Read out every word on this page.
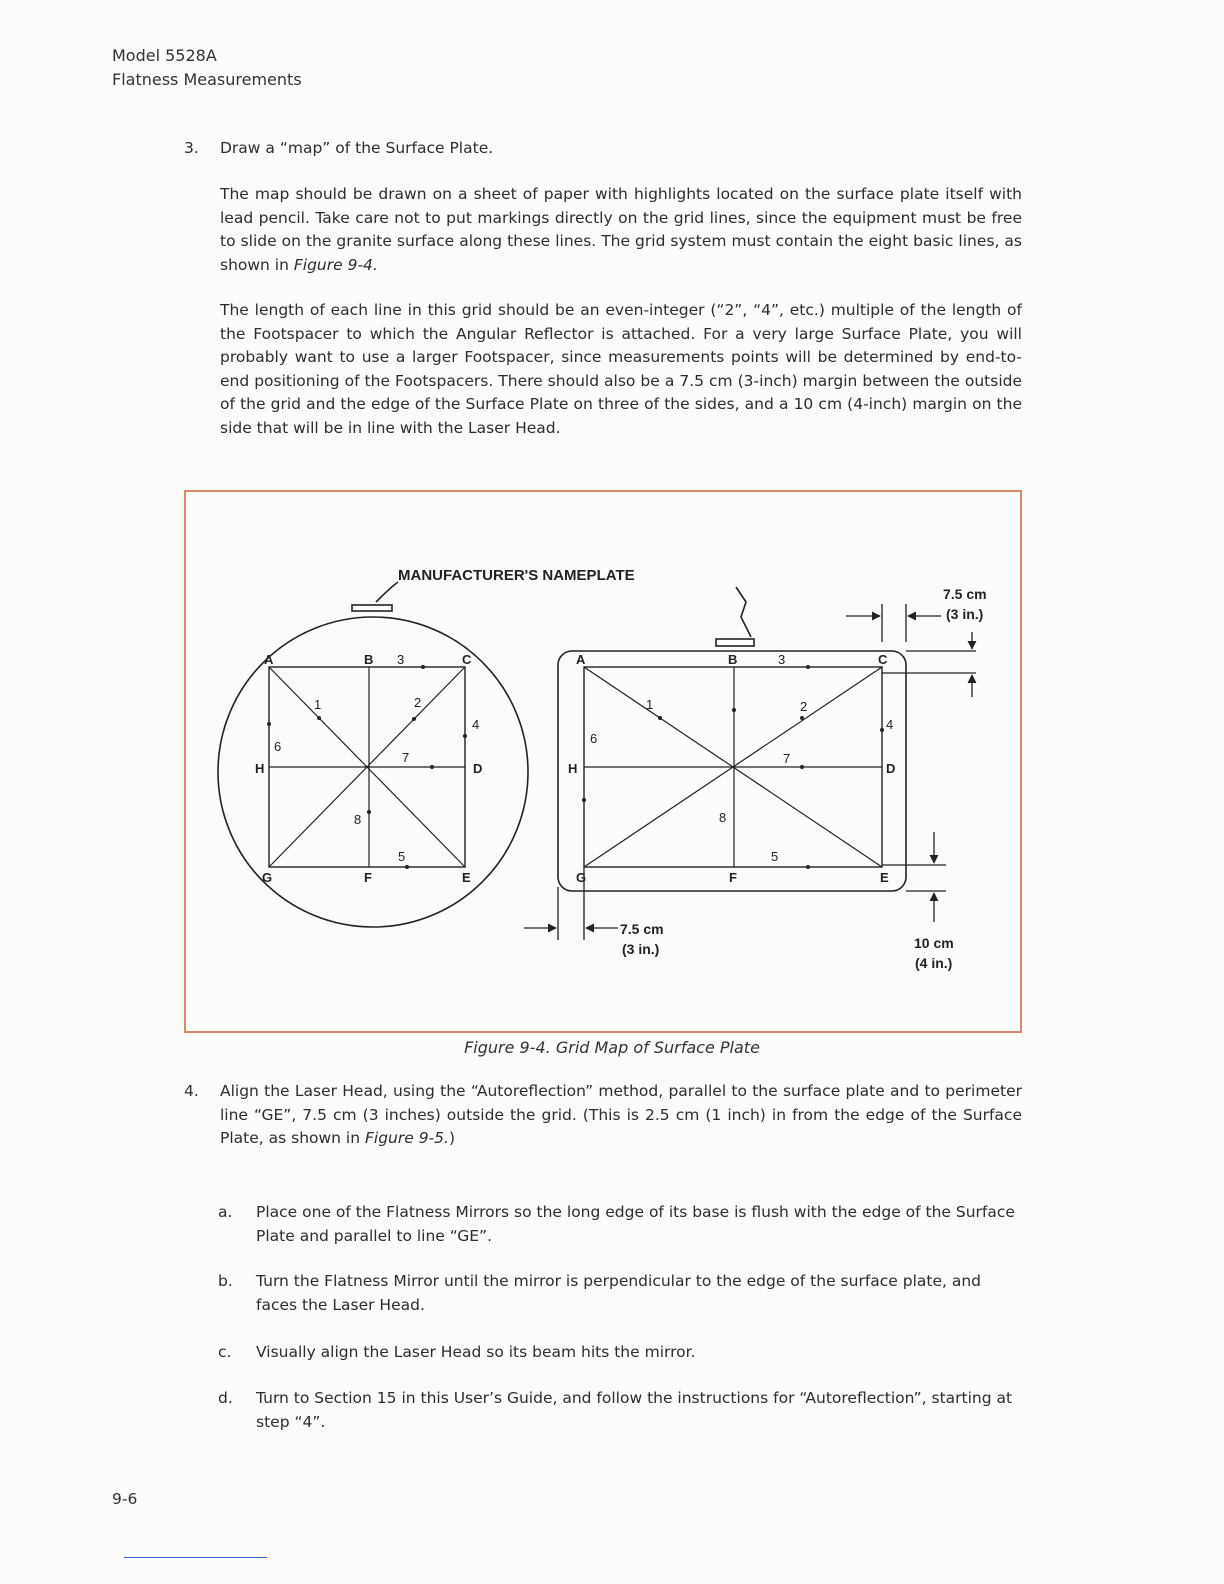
Model 5528A
Flatness Measurements
3. Draw a “map” of the Surface Plate.
The map should be drawn on a sheet of paper with highlights located on the surface plate itself with lead pencil. Take care not to put markings directly on the grid lines, since the equipment must be free to slide on the granite surface along these lines. The grid system must contain the eight basic lines, as shown in Figure 9-4.
The length of each line in this grid should be an even-integer (“2”, “4”, etc.) multiple of the length of the Footspacer to which the Angular Reflector is attached. For a very large Surface Plate, you will probably want to use a larger Footspacer, since measurements points will be determined by end-to-end positioning of the Footspacers. There should also be a 7.5 cm (3-inch) margin between the outside of the grid and the edge of the Surface Plate on three of the sides, and a 10 cm (4-inch) margin on the side that will be in line with the Laser Head.
MANUFACTURER'S NAMEPLATE
A	B	C
D
E
F
G
H
1	2
3
4
5
6
7
8
A	B	C
D
E
F
G
H
1	2
3
4
5
6
7
8
7.5 cm
(3 in.)
7.5 cm
(3 in.)	10 cm
(4 in.)
Figure 9-4. Grid Map of Surface Plate
4. Align the Laser Head, using the “Autoreflection” method, parallel to the surface plate and to perimeter line “GE”, 7.5 cm (3 inches) outside the grid. (This is 2.5 cm (1 inch) in from the edge of the Surface Plate, as shown in Figure 9-5.)
a. Place one of the Flatness Mirrors so the long edge of its base is flush with the edge of the Surface Plate and parallel to line “GE”.
b. Turn the Flatness Mirror until the mirror is perpendicular to the edge of the surface plate, and faces the Laser Head.
c. Visually align the Laser Head so its beam hits the mirror.
d. Turn to Section 15 in this User’s Guide, and follow the instructions for “Autoreflection”, starting at step “4”.
9-6
